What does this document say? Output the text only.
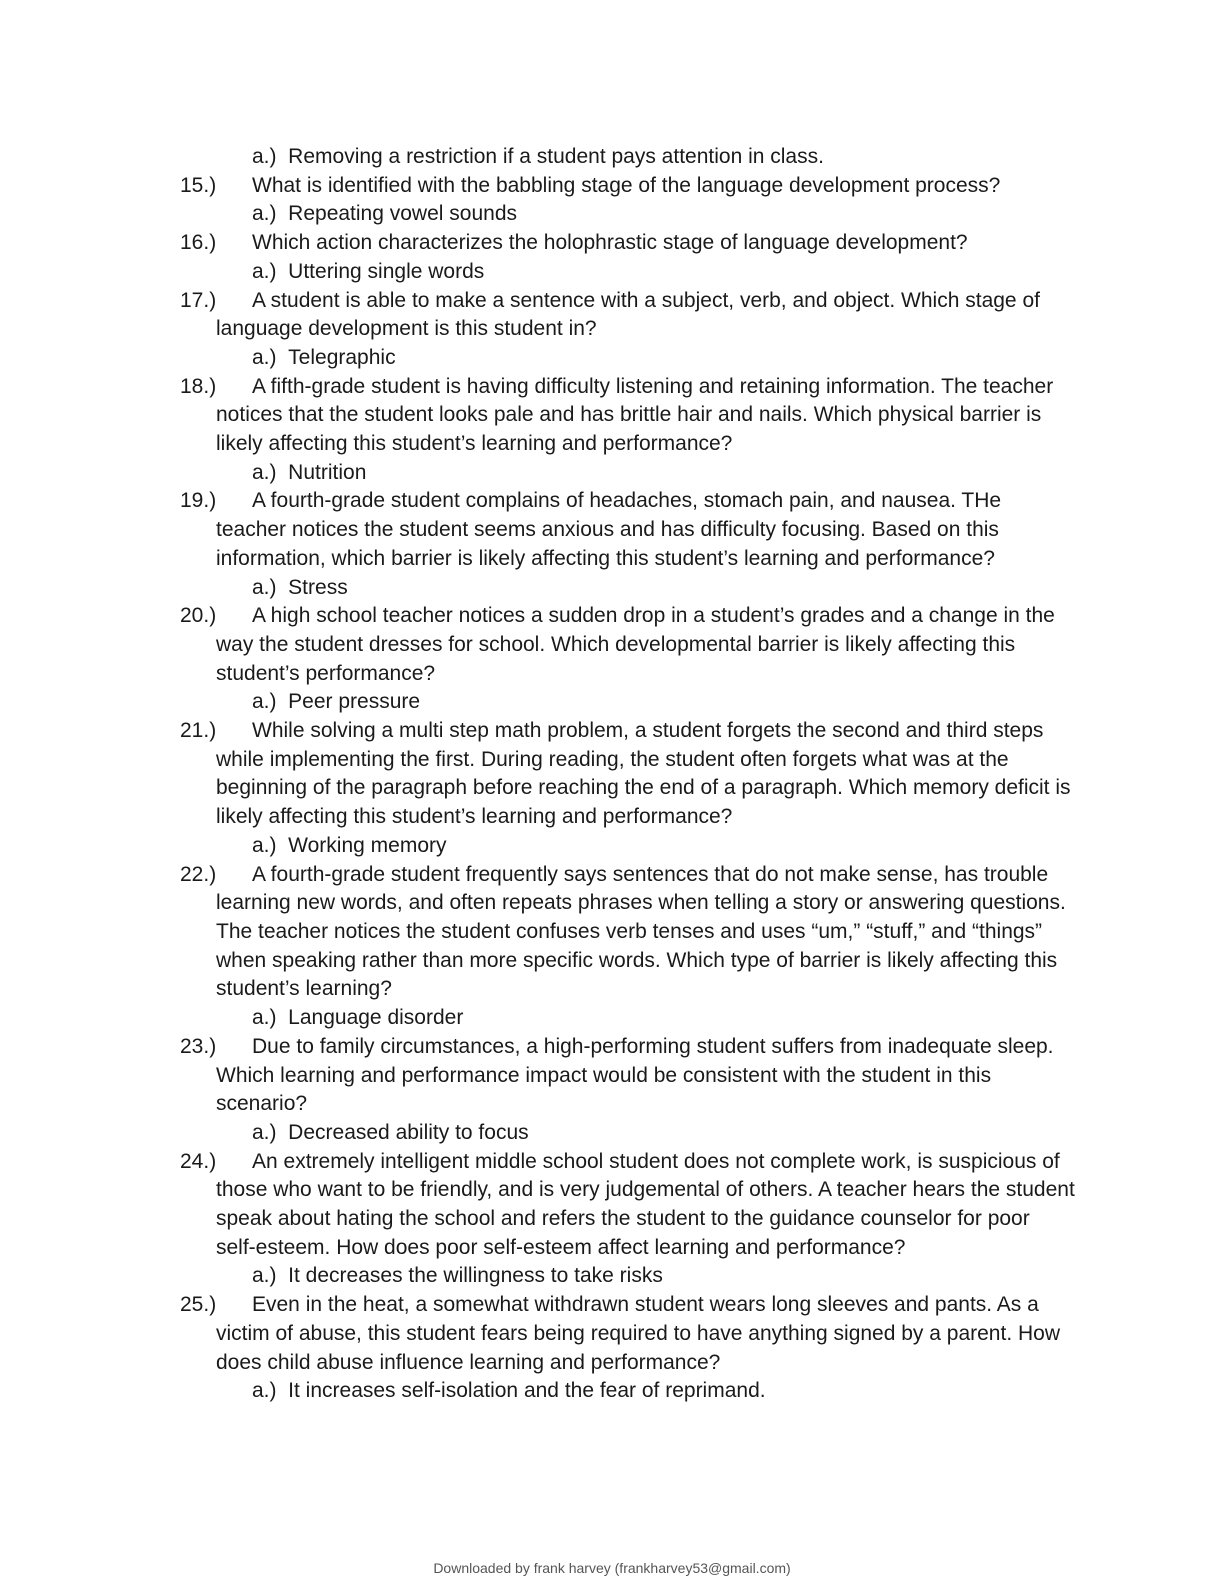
a.)  Removing a restriction if a student pays attention in class.
15.)	What is identified with the babbling stage of the language development process?
a.)  Repeating vowel sounds
16.)	Which action characterizes the holophrastic stage of language development?
a.)  Uttering single words
17.)	A student is able to make a sentence with a subject, verb, and object. Which stage of language development is this student in?
a.)  Telegraphic
18.)	A fifth-grade student is having difficulty listening and retaining information. The teacher notices that the student looks pale and has brittle hair and nails. Which physical barrier is likely affecting this student’s learning and performance?
a.)  Nutrition
19.)	A fourth-grade student complains of headaches, stomach pain, and nausea. THe teacher notices the student seems anxious and has difficulty focusing. Based on this information, which barrier is likely affecting this student’s learning and performance?
a.)  Stress
20.)	A high school teacher notices a sudden drop in a student’s grades and a change in the way the student dresses for school. Which developmental barrier is likely affecting this student’s performance?
a.)  Peer pressure
21.)	While solving a multi step math problem, a student forgets the second and third steps while implementing the first. During reading, the student often forgets what was at the beginning of the paragraph before reaching the end of a paragraph. Which memory deficit is likely affecting this student’s learning and performance?
a.)  Working memory
22.)	A fourth-grade student frequently says sentences that do not make sense, has trouble learning new words, and often repeats phrases when telling a story or answering questions. The teacher notices the student confuses verb tenses and uses “um,” “stuff,” and “things” when speaking rather than more specific words. Which type of barrier is likely affecting this student’s learning?
a.)  Language disorder
23.)	Due to family circumstances, a high-performing student suffers from inadequate sleep. Which learning and performance impact would be consistent with the student in this scenario?
a.)  Decreased ability to focus
24.)	An extremely intelligent middle school student does not complete work, is suspicious of those who want to be friendly, and is very judgemental of others. A teacher hears the student speak about hating the school and refers the student to the guidance counselor for poor self-esteem. How does poor self-esteem affect learning and performance?
a.)  It decreases the willingness to take risks
25.)	Even in the heat, a somewhat withdrawn student wears long sleeves and pants. As a victim of abuse, this student fears being required to have anything signed by a parent. How does child abuse influence learning and performance?
a.)  It increases self-isolation and the fear of reprimand.
Downloaded by frank harvey (frankharvey53@gmail.com)
